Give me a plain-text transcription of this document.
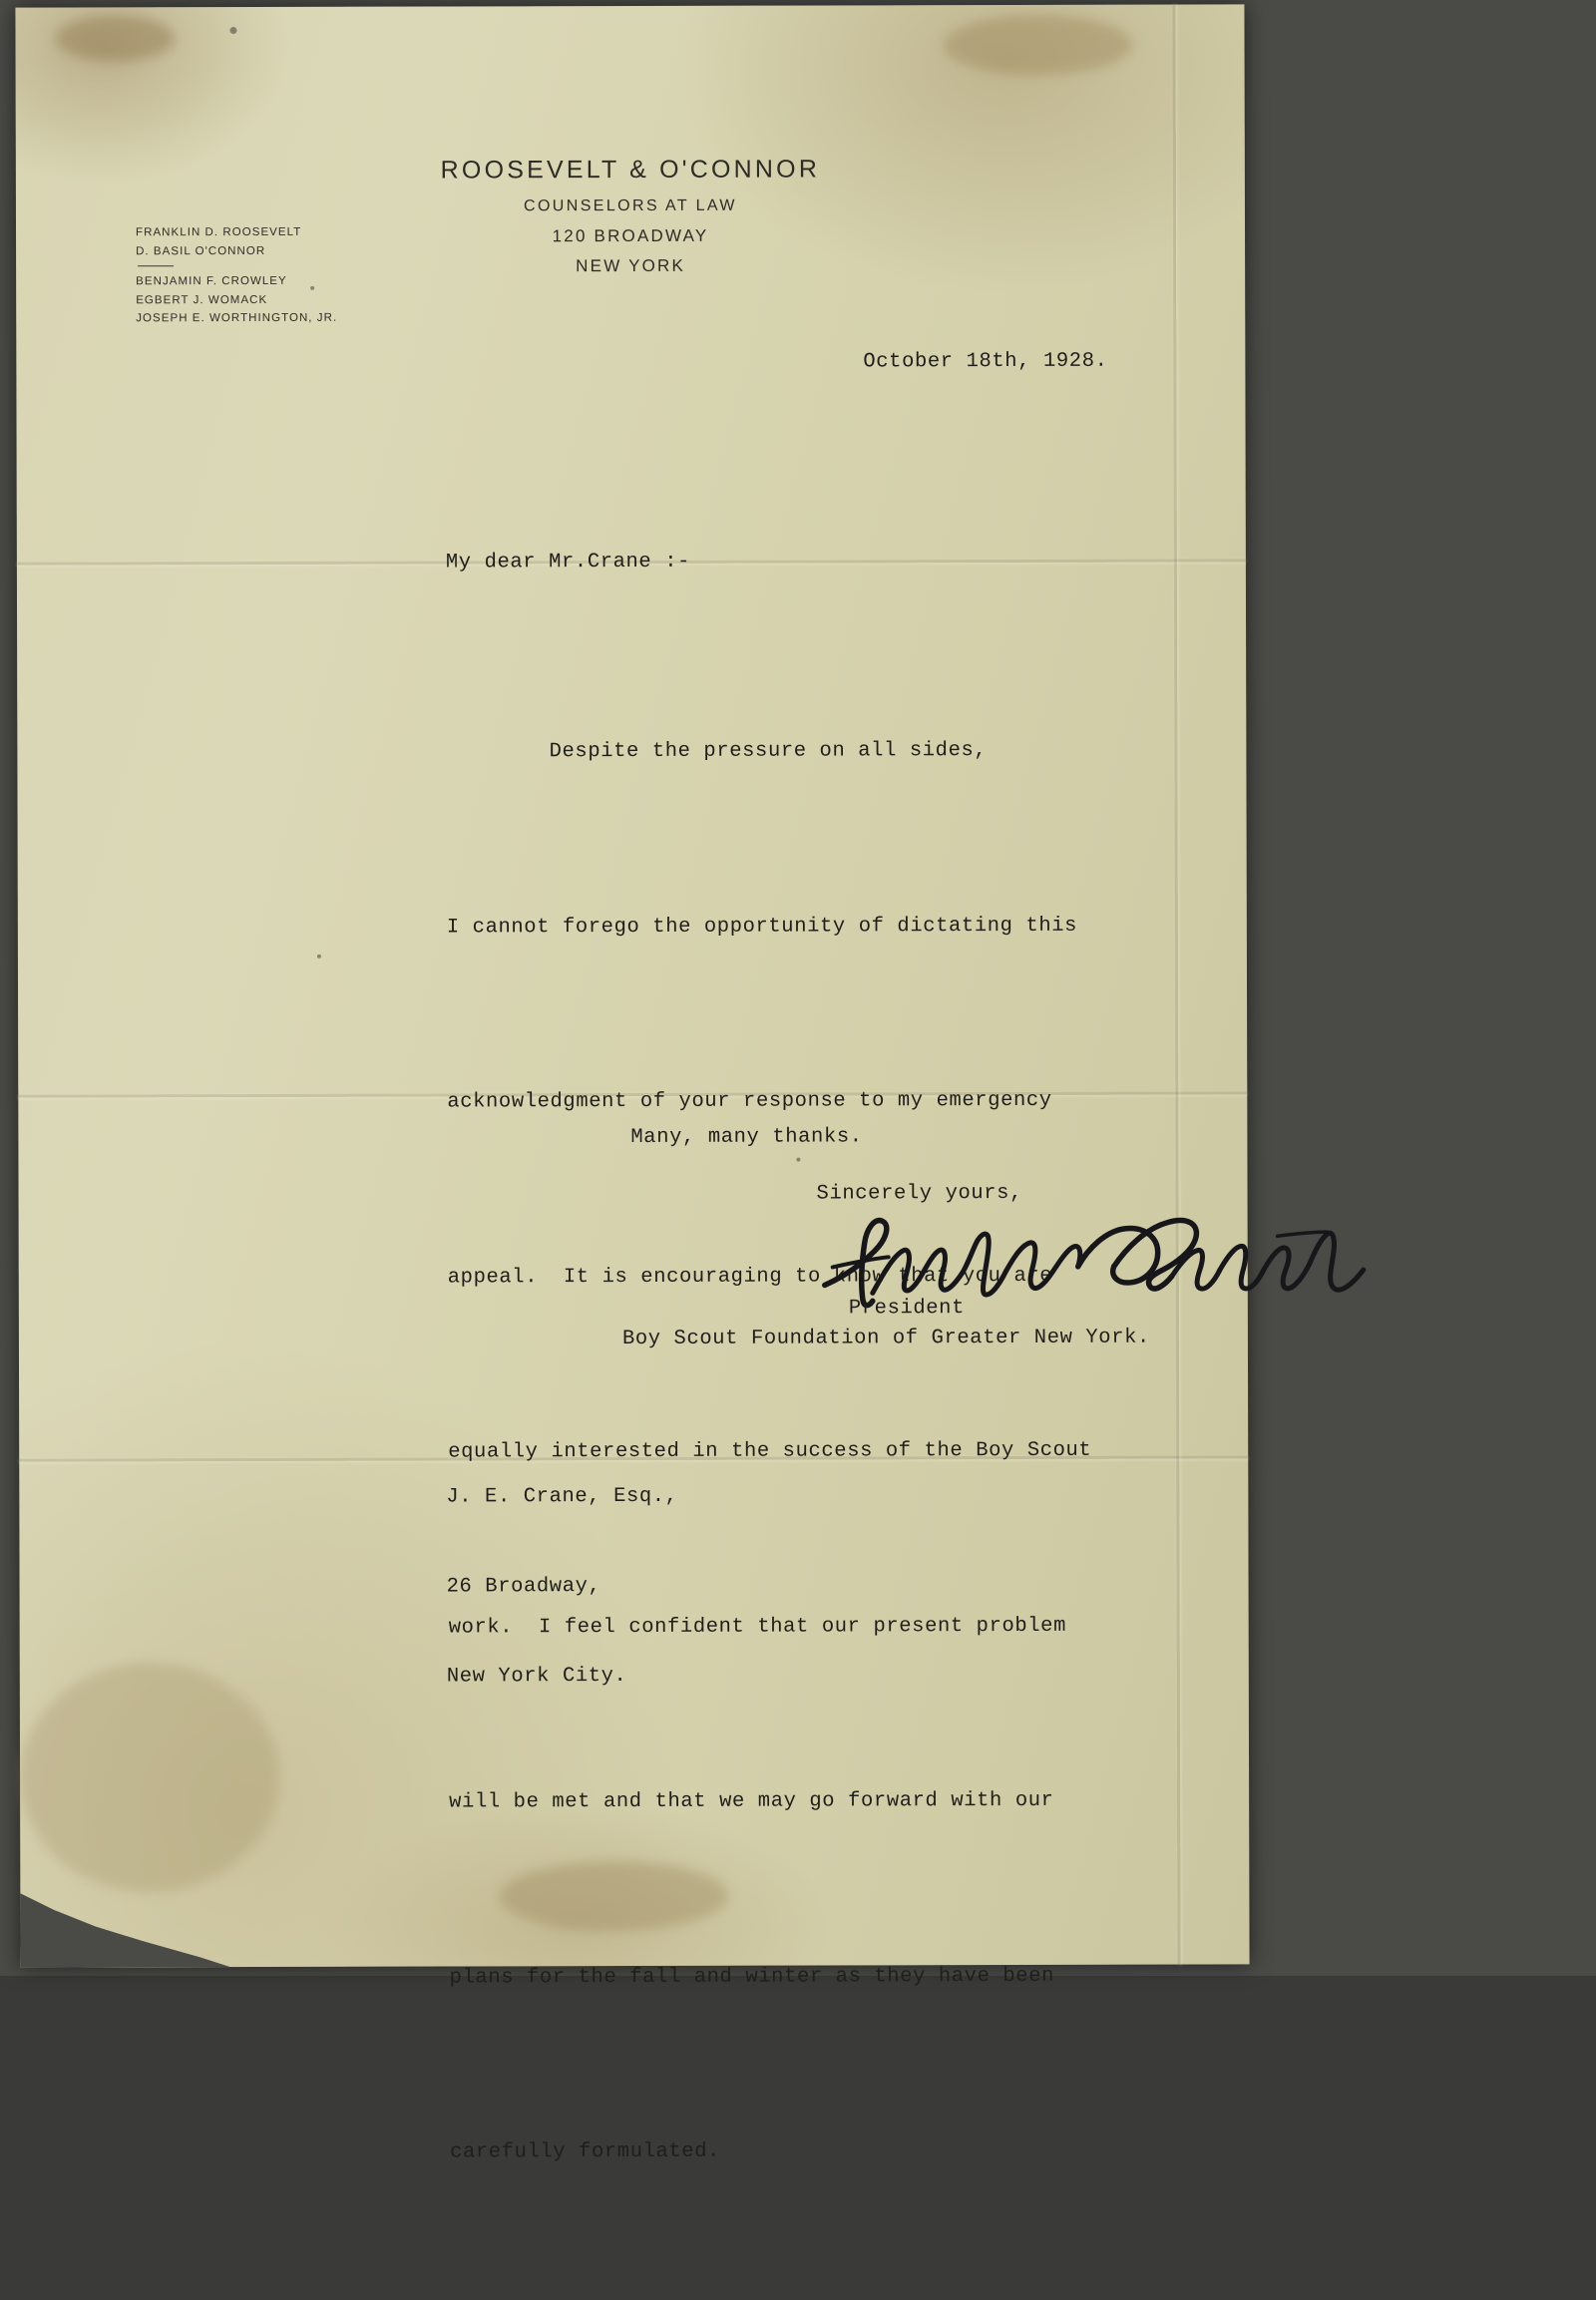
FRANKLIN D. ROOSEVELT
D. BASIL O'CONNOR
BENJAMIN F. CROWLEY
EGBERT J. WOMACK
JOSEPH E. WORTHINGTON, JR.
ROOSEVELT & O'CONNOR
COUNSELORS AT LAW
120 BROADWAY
NEW YORK
October 18th, 1928.
My dear Mr.Crane :-

Despite the pressure on all sides,

I cannot forego the opportunity of dictating this

acknowledgment of your response to my emergency

appeal.  It is encouraging to know that you are

equally interested in the success of the Boy Scout

work.  I feel confident that our present problem

will be met and that we may go forward with our

plans for the fall and winter as they have been

carefully formulated.

Many, many thanks.
Sincerely yours,
President
Boy Scout Foundation of Greater New York.

J. E. Crane, Esq.,

26 Broadway,

New York City.
